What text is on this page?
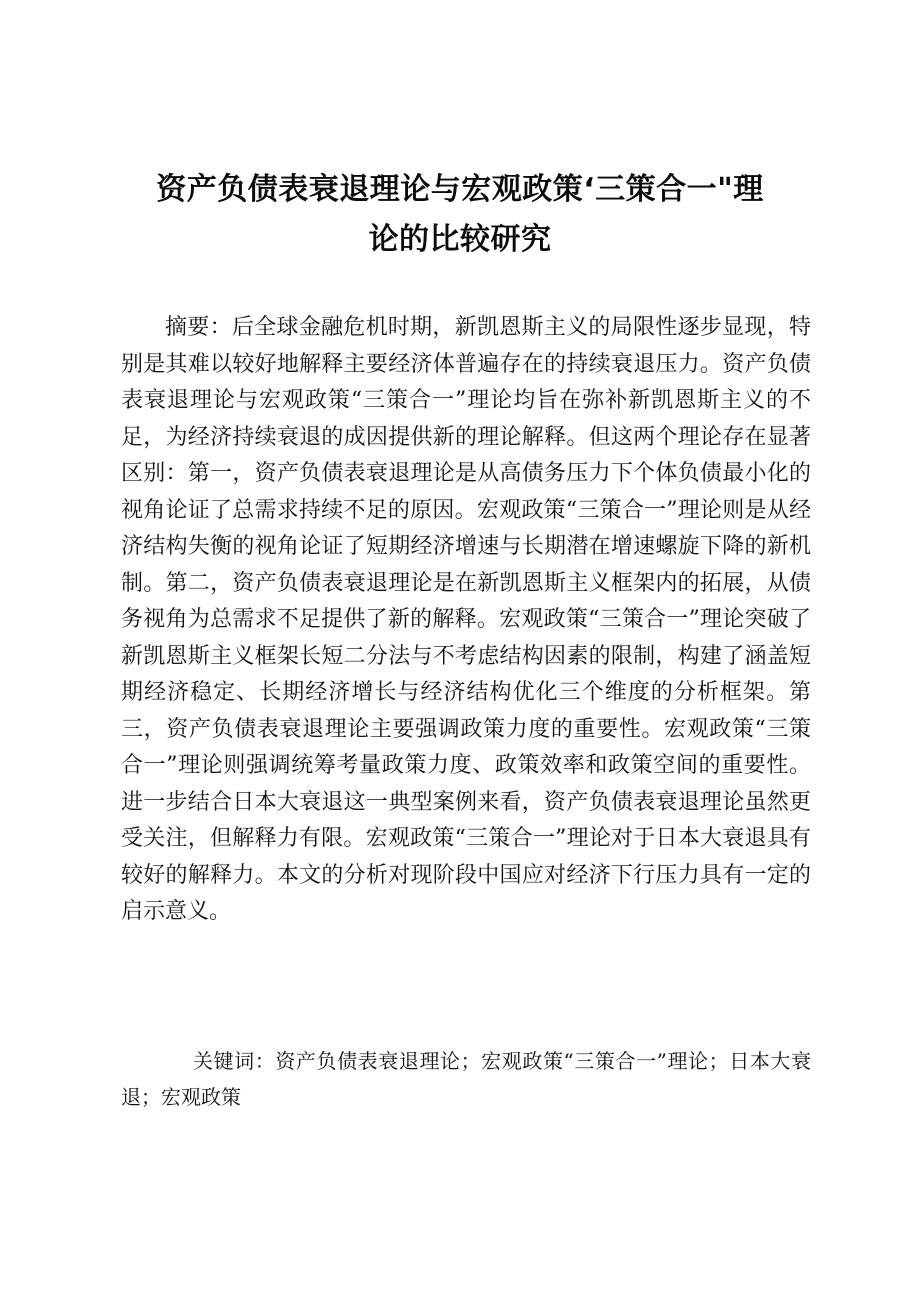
资产负债表衰退理论与宏观政策‘三策合一"理
论的比较研究

摘要：后全球金融危机时期，新凯恩斯主义的局限性逐步显现，特别是其难以较好地解释主要经济体普遍存在的持续衰退压力。资产负债表衰退理论与宏观政策“三策合一”理论均旨在弥补新凯恩斯主义的不足，为经济持续衰退的成因提供新的理论解释。但这两个理论存在显著区别：第一，资产负债表衰退理论是从高债务压力下个体负债最小化的视角论证了总需求持续不足的原因。宏观政策“三策合一”理论则是从经济结构失衡的视角论证了短期经济增速与长期潜在增速螺旋下降的新机制。第二，资产负债表衰退理论是在新凯恩斯主义框架内的拓展，从债务视角为总需求不足提供了新的解释。宏观政策“三策合一”理论突破了新凯恩斯主义框架长短二分法与不考虑结构因素的限制，构建了涵盖短期经济稳定、长期经济增长与经济结构优化三个维度的分析框架。第三，资产负债表衰退理论主要强调政策力度的重要性。宏观政策“三策合一”理论则强调统筹考量政策力度、政策效率和政策空间的重要性。进一步结合日本大衰退这一典型案例来看，资产负债表衰退理论虽然更受关注，但解释力有限。宏观政策“三策合一”理论对于日本大衰退具有较好的解释力。本文的分析对现阶段中国应对经济下行压力具有一定的启示意义。

关键词：资产负债表衰退理论；宏观政策“三策合一”理论；日本大衰退；宏观政策
